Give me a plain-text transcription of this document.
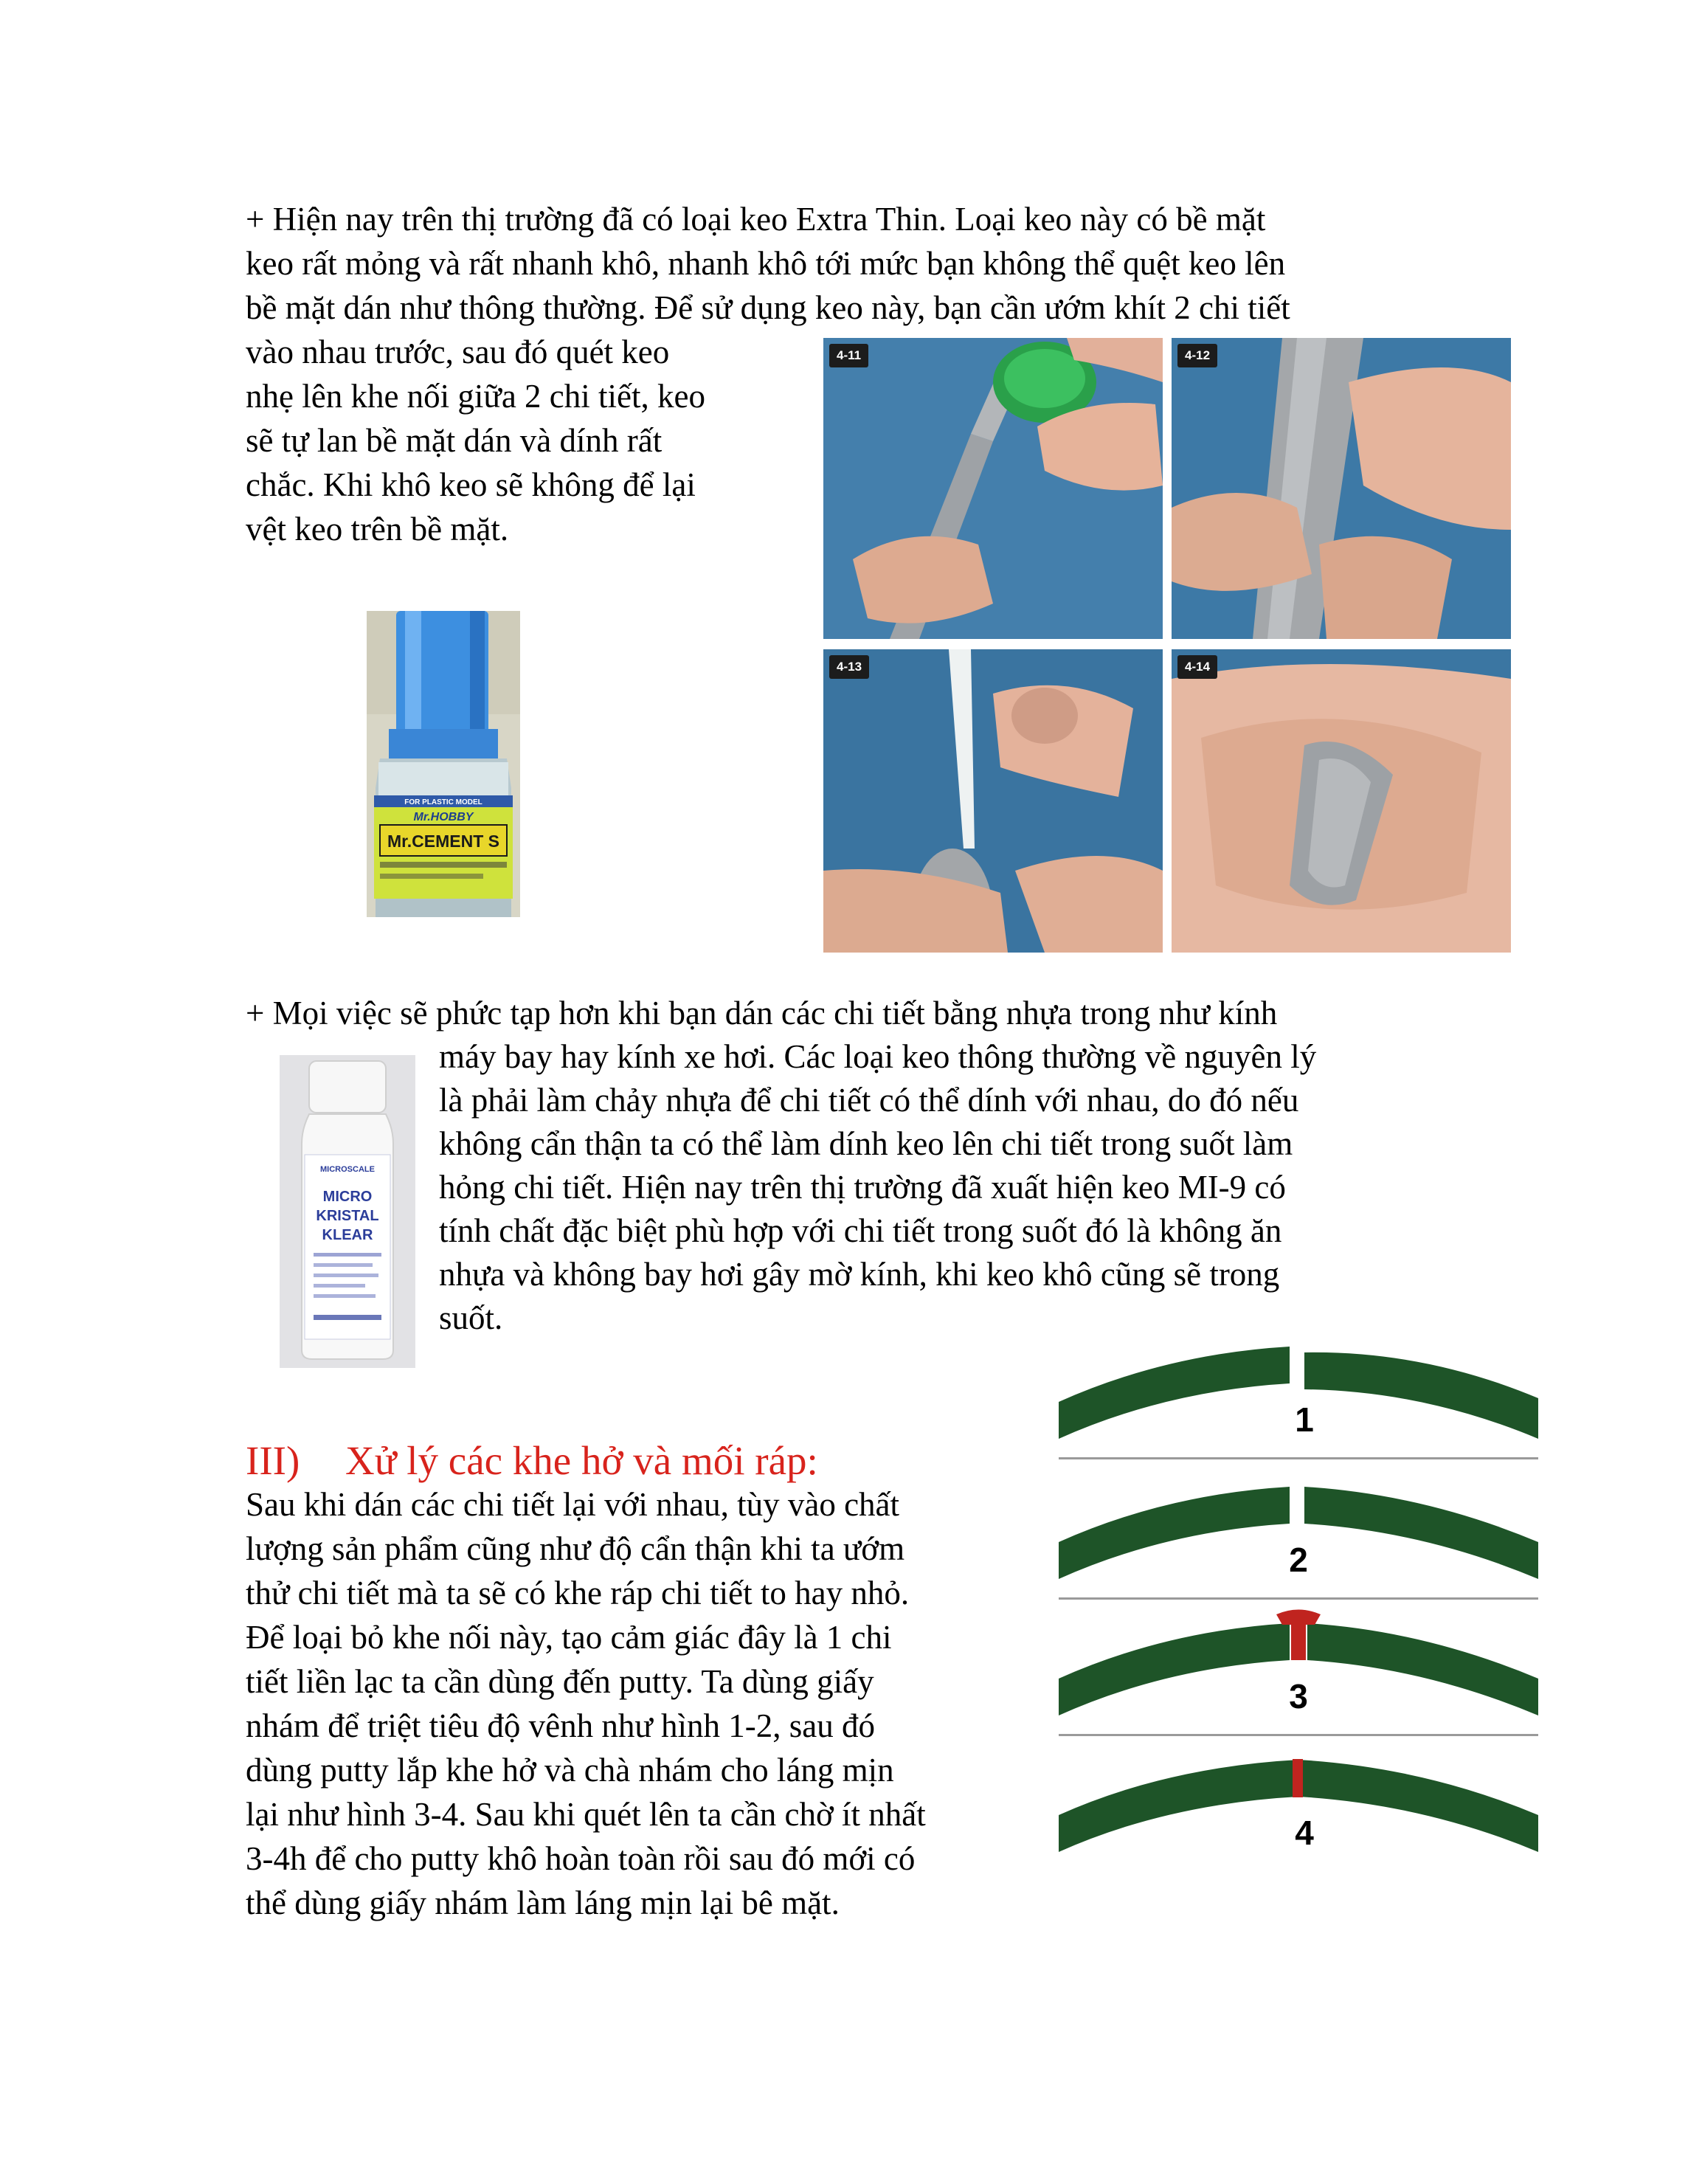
+ Hiện nay trên thị trường đã có loại keo Extra Thin. Loại keo này có bề mặt
keo rất mỏng và rất nhanh khô, nhanh khô tới mức bạn không thể quệt keo lên
bề mặt dán như thông thường. Để sử dụng keo này, bạn cần ướm khít 2 chi tiết
vào nhau trước, sau đó quét keo
nhẹ lên khe nối giữa 2 chi tiết, keo
sẽ tự lan bề mặt dán và dính rất
chắc. Khi khô keo sẽ không để lại
vệt keo trên bề mặt.
FOR PLASTIC MODEL
Mr.HOBBY
Mr.CEMENT S
4-11	4-12
4-13	4-14
+ Mọi việc sẽ phức tạp hơn khi bạn dán các chi tiết bằng nhựa trong như kính
máy bay hay kính xe hơi. Các loại keo thông thường về nguyên lý
là phải làm chảy nhựa để chi tiết có thể dính với nhau, do đó nếu
không cẩn thận ta có thể làm dính keo lên chi tiết trong suốt làm
hỏng chi tiết. Hiện nay trên thị trường đã xuất hiện keo MI-9 có
tính chất đặc biệt phù hợp với chi tiết trong suốt đó là không ăn
nhựa và không bay hơi gây mờ kính, khi keo khô cũng sẽ trong
suốt.
MICROSCALE
MICRO
KRISTAL
KLEAR
III) Xử lý các khe hở và mối ráp:
Sau khi dán các chi tiết lại với nhau, tùy vào chất
lượng sản phẩm cũng như độ cẩn thận khi ta ướm
thử chi tiết mà ta sẽ có khe ráp chi tiết to hay nhỏ.
Để loại bỏ khe nối này, tạo cảm giác đây là 1 chi
tiết liền lạc ta cần dùng đến putty. Ta dùng giấy
nhám để triệt tiêu độ vênh như hình 1-2, sau đó
dùng putty lắp khe hở và chà nhám cho láng mịn
lại như hình 3-4. Sau khi quét lên ta cần chờ ít nhất
3-4h để cho putty khô hoàn toàn rồi sau đó mới có
thể dùng giấy nhám làm láng mịn lại bê mặt.
1
2
3
4
